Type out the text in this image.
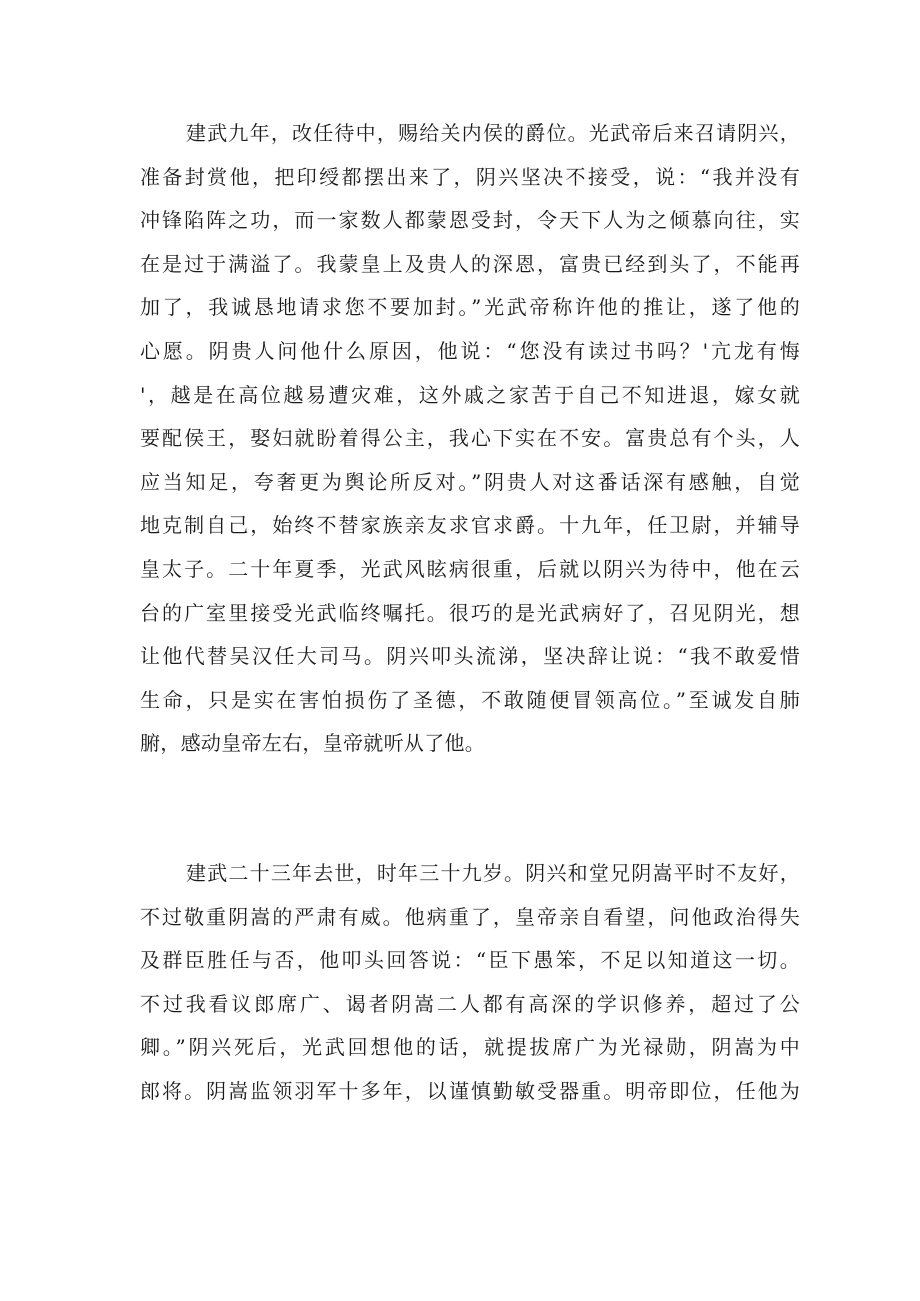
建武九年，改任待中，赐给关内侯的爵位。光武帝后来召请阴兴，
准备封赏他，把印绶都摆出来了，阴兴坚决不接受，说：“我并没有
冲锋陷阵之功，而一家数人都蒙恩受封，令天下人为之倾慕向往，实
在是过于满溢了。我蒙皇上及贵人的深恩，富贵已经到头了，不能再
加了，我诚恳地请求您不要加封。”光武帝称许他的推让，遂了他的
心愿。阴贵人问他什么原因，他说：“您没有读过书吗？'亢龙有悔
'，越是在高位越易遭灾难，这外戚之家苦于自己不知进退，嫁女就
要配侯王，娶妇就盼着得公主，我心下实在不安。富贵总有个头，人
应当知足，夸奢更为舆论所反对。”阴贵人对这番话深有感触，自觉
地克制自己，始终不替家族亲友求官求爵。十九年，任卫尉，并辅导
皇太子。二十年夏季，光武风眩病很重，后就以阴兴为待中，他在云
台的广室里接受光武临终嘱托。很巧的是光武病好了，召见阴光，想
让他代替吴汉任大司马。阴兴叩头流涕，坚决辞让说：“我不敢爱惜
生命，只是实在害怕损伤了圣德，不敢随便冒领高位。”至诚发自肺
腑，感动皇帝左右，皇帝就听从了他。

建武二十三年去世，时年三十九岁。阴兴和堂兄阴嵩平时不友好，
不过敬重阴嵩的严肃有威。他病重了，皇帝亲自看望，问他政治得失
及群臣胜任与否，他叩头回答说：“臣下愚笨，不足以知道这一切。
不过我看议郎席广、谒者阴嵩二人都有高深的学识修养，超过了公
卿。”阴兴死后，光武回想他的话，就提拔席广为光禄勋，阴嵩为中
郎将。阴嵩监领羽军十多年，以谨慎勤敏受器重。明帝即位，任他为
